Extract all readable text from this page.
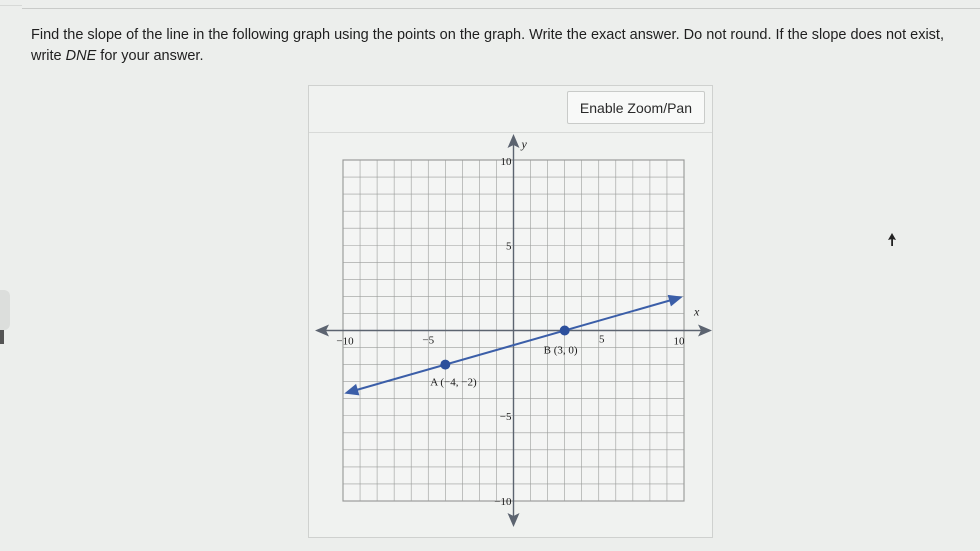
Find the slope of the line in the following graph using the points on the graph. Write the exact answer. Do not round. If the slope does not exist,
write DNE for your answer.
Enable Zoom/Pan
x
y
−10	−5	5	10
10
5
−5
−10
A (−4, −2)
B (3, 0)
